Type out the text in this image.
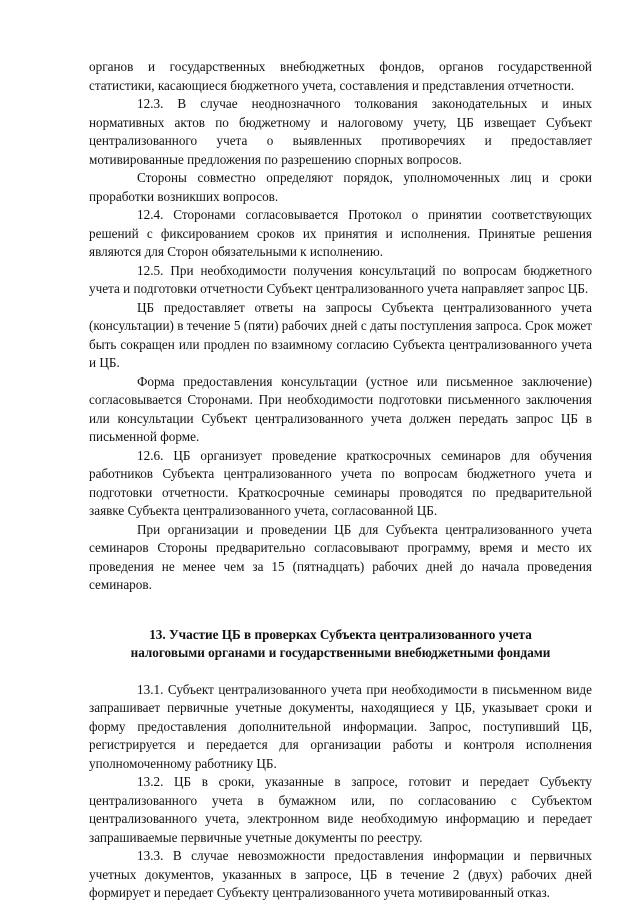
органов и государственных внебюджетных фондов, органов государственной статистики, касающиеся бюджетного учета, составления и представления отчетности.

12.3. В случае неоднозначного толкования законодательных и иных нормативных актов по бюджетному и налоговому учету, ЦБ извещает Субъект централизованного учета о выявленных противоречиях и предоставляет мотивированные предложения по разрешению спорных вопросов.

Стороны совместно определяют порядок, уполномоченных лиц и сроки проработки возникших вопросов.

12.4. Сторонами согласовывается Протокол о принятии соответствующих решений с фиксированием сроков их принятия и исполнения. Принятые решения являются для Сторон обязательными к исполнению.

12.5. При необходимости получения консультаций по вопросам бюджетного учета и подготовки отчетности Субъект централизованного учета направляет запрос ЦБ.

ЦБ предоставляет ответы на запросы Субъекта централизованного учета (консультации) в течение 5 (пяти) рабочих дней с даты поступления запроса. Срок может быть сокращен или продлен по взаимному согласию Субъекта централизованного учета и ЦБ.

Форма предоставления консультации (устное или письменное заключение) согласовывается Сторонами. При необходимости подготовки письменного заключения или консультации Субъект централизованного учета должен передать запрос ЦБ в письменной форме.

12.6. ЦБ организует проведение краткосрочных семинаров для обучения работников Субъекта централизованного учета по вопросам бюджетного учета и подготовки отчетности. Краткосрочные семинары проводятся по предварительной заявке Субъекта централизованного учета, согласованной ЦБ.

При организации и проведении ЦБ для Субъекта централизованного учета семинаров Стороны предварительно согласовывают программу, время и место их проведения не менее чем за 15 (пятнадцать) рабочих дней до начала проведения семинаров.

13. Участие ЦБ в проверках Субъекта централизованного учета
налоговыми органами и государственными внебюджетными фондами

13.1. Субъект централизованного учета при необходимости в письменном виде запрашивает первичные учетные документы, находящиеся у ЦБ, указывает сроки и форму предоставления дополнительной информации. Запрос, поступивший ЦБ, регистрируется и передается для организации работы и контроля исполнения уполномоченному работнику ЦБ.

13.2. ЦБ в сроки, указанные в запросе, готовит и передает Субъекту централизованного учета в бумажном или, по согласованию с Субъектом централизованного учета, электронном виде необходимую информацию и передает запрашиваемые первичные учетные документы по реестру.

13.3. В случае невозможности предоставления информации и первичных учетных документов, указанных в запросе, ЦБ в течение 2 (двух) рабочих дней формирует и передает Субъекту централизованного учета мотивированный отказ.
